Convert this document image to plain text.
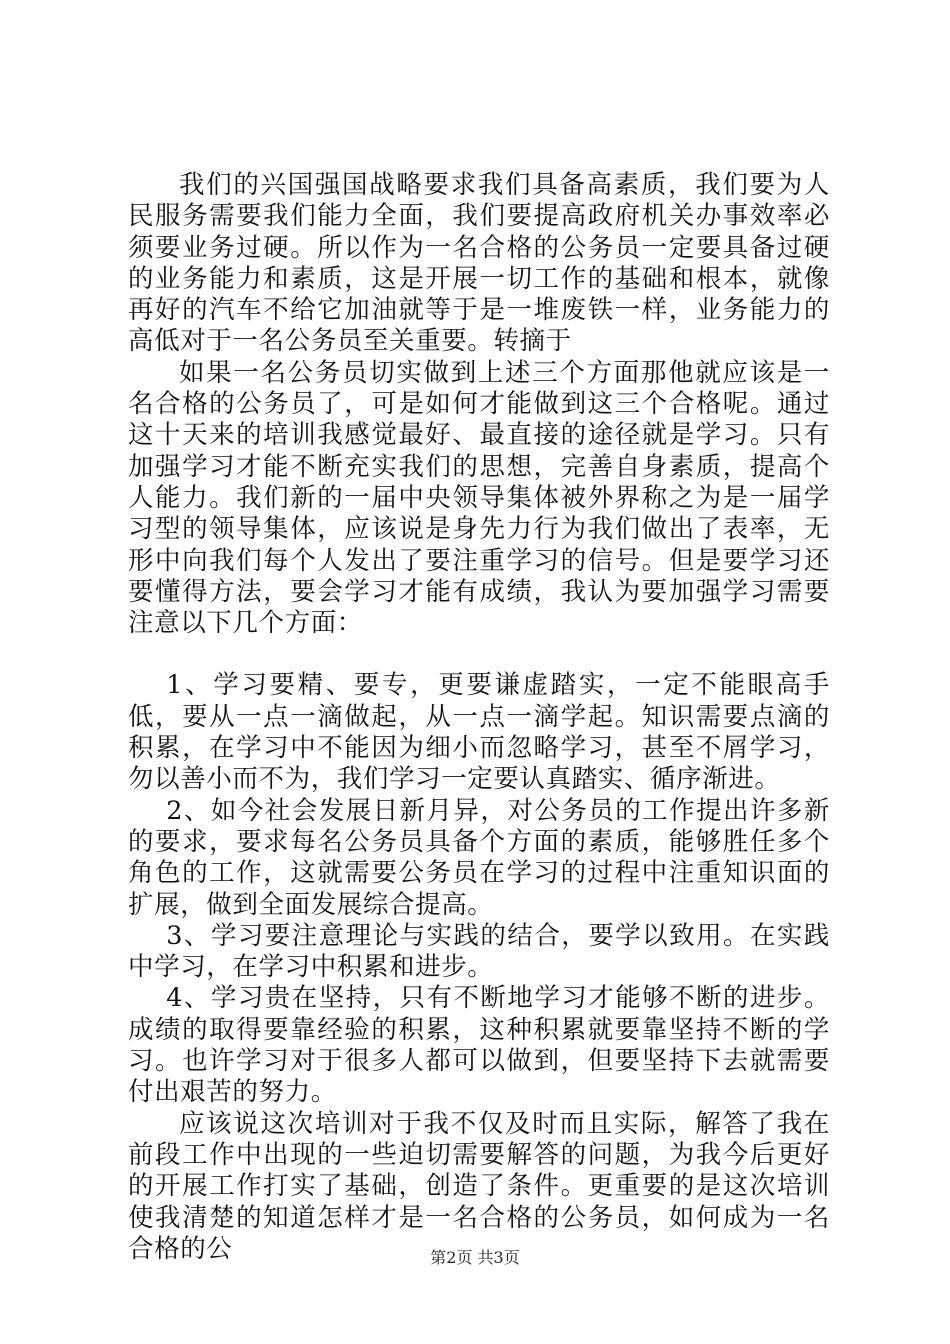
我们的兴国强国战略要求我们具备高素质，我们要为人民服务需要我们能力全面，我们要提高政府机关办事效率必须要业务过硬。所以作为一名合格的公务员一定要具备过硬的业务能力和素质，这是开展一切工作的基础和根本，就像再好的汽车不给它加油就等于是一堆废铁一样，业务能力的高低对于一名公务员至关重要。转摘于

如果一名公务员切实做到上述三个方面那他就应该是一名合格的公务员了，可是如何才能做到这三个合格呢。通过这十天来的培训我感觉最好、最直接的途径就是学习。只有加强学习才能不断充实我们的思想，完善自身素质，提高个人能力。我们新的一届中央领导集体被外界称之为是一届学习型的领导集体，应该说是身先力行为我们做出了表率，无形中向我们每个人发出了要注重学习的信号。但是要学习还要懂得方法，要会学习才能有成绩，我认为要加强学习需要注意以下几个方面：

1、学习要精、要专，更要谦虚踏实，一定不能眼高手低，要从一点一滴做起，从一点一滴学起。知识需要点滴的积累，在学习中不能因为细小而忽略学习，甚至不屑学习，勿以善小而不为，我们学习一定要认真踏实、循序渐进。

2、如今社会发展日新月异，对公务员的工作提出许多新的要求，要求每名公务员具备个方面的素质，能够胜任多个角色的工作，这就需要公务员在学习的过程中注重知识面的扩展，做到全面发展综合提高。

3、学习要注意理论与实践的结合，要学以致用。在实践中学习，在学习中积累和进步。

4、学习贵在坚持，只有不断地学习才能够不断的进步。成绩的取得要靠经验的积累，这种积累就要靠坚持不断的学习。也许学习对于很多人都可以做到，但要坚持下去就需要付出艰苦的努力。

应该说这次培训对于我不仅及时而且实际，解答了我在前段工作中出现的一些迫切需要解答的问题，为我今后更好的开展工作打实了基础，创造了条件。更重要的是这次培训使我清楚的知道怎样才是一名合格的公务员，如何成为一名合格的公	第2页 共3页
